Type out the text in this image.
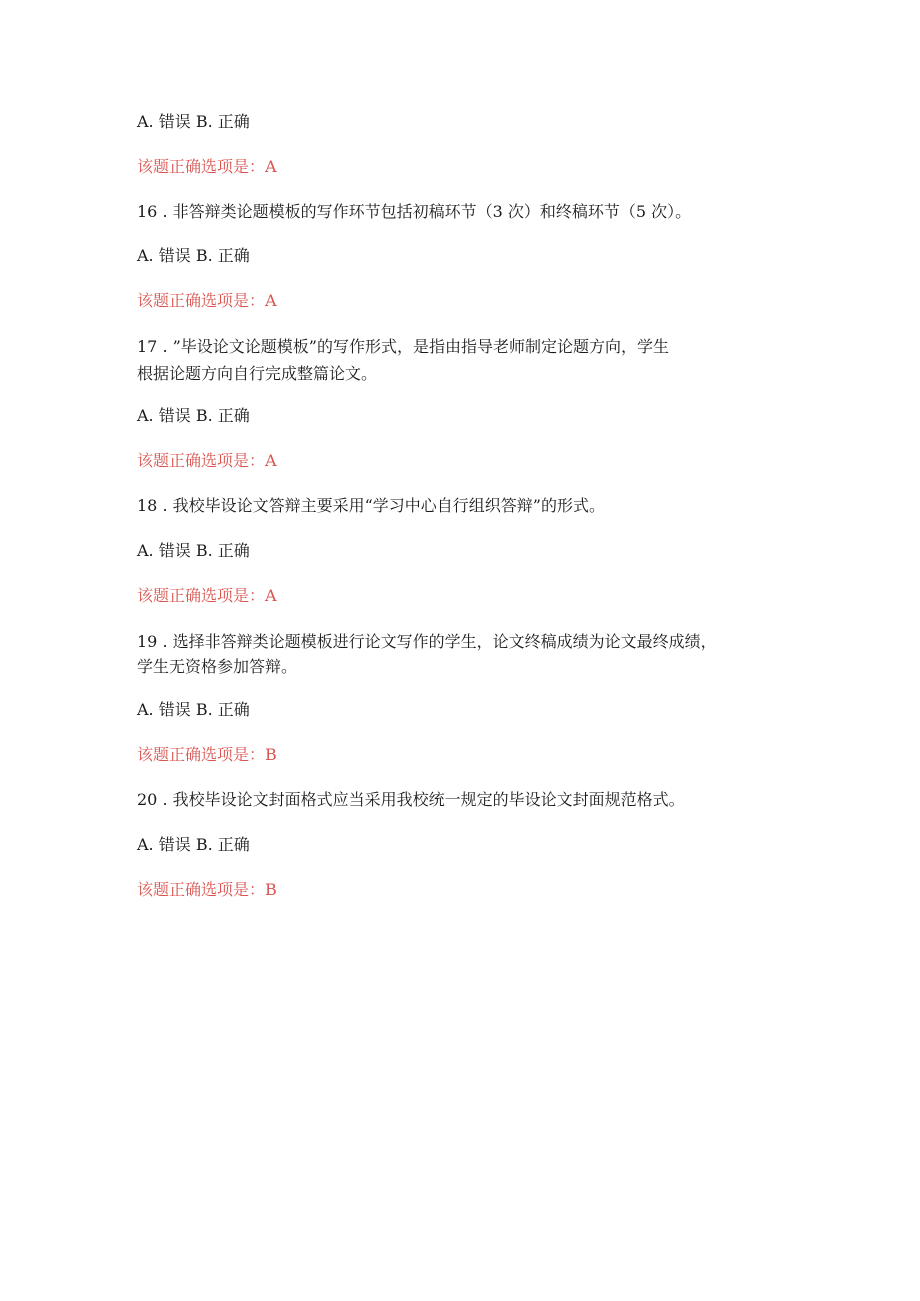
A. 错误 B. 正确
该题正确选项是：A
16 . 非答辩类论题模板的写作环节包括初稿环节（3 次）和终稿环节（5 次）。
A. 错误 B. 正确
该题正确选项是：A
17 . ”毕设论文论题模板”的写作形式，是指由指导老师制定论题方向，学生
根据论题方向自行完成整篇论文。
A. 错误 B. 正确
该题正确选项是：A
18 . 我校毕设论文答辩主要采用“学习中心自行组织答辩”的形式。
A. 错误 B. 正确
该题正确选项是：A
19 . 选择非答辩类论题模板进行论文写作的学生，论文终稿成绩为论文最终成绩，
学生无资格参加答辩。
A. 错误 B. 正确
该题正确选项是：B
20 . 我校毕设论文封面格式应当采用我校统一规定的毕设论文封面规范格式。
A. 错误 B. 正确
该题正确选项是：B
